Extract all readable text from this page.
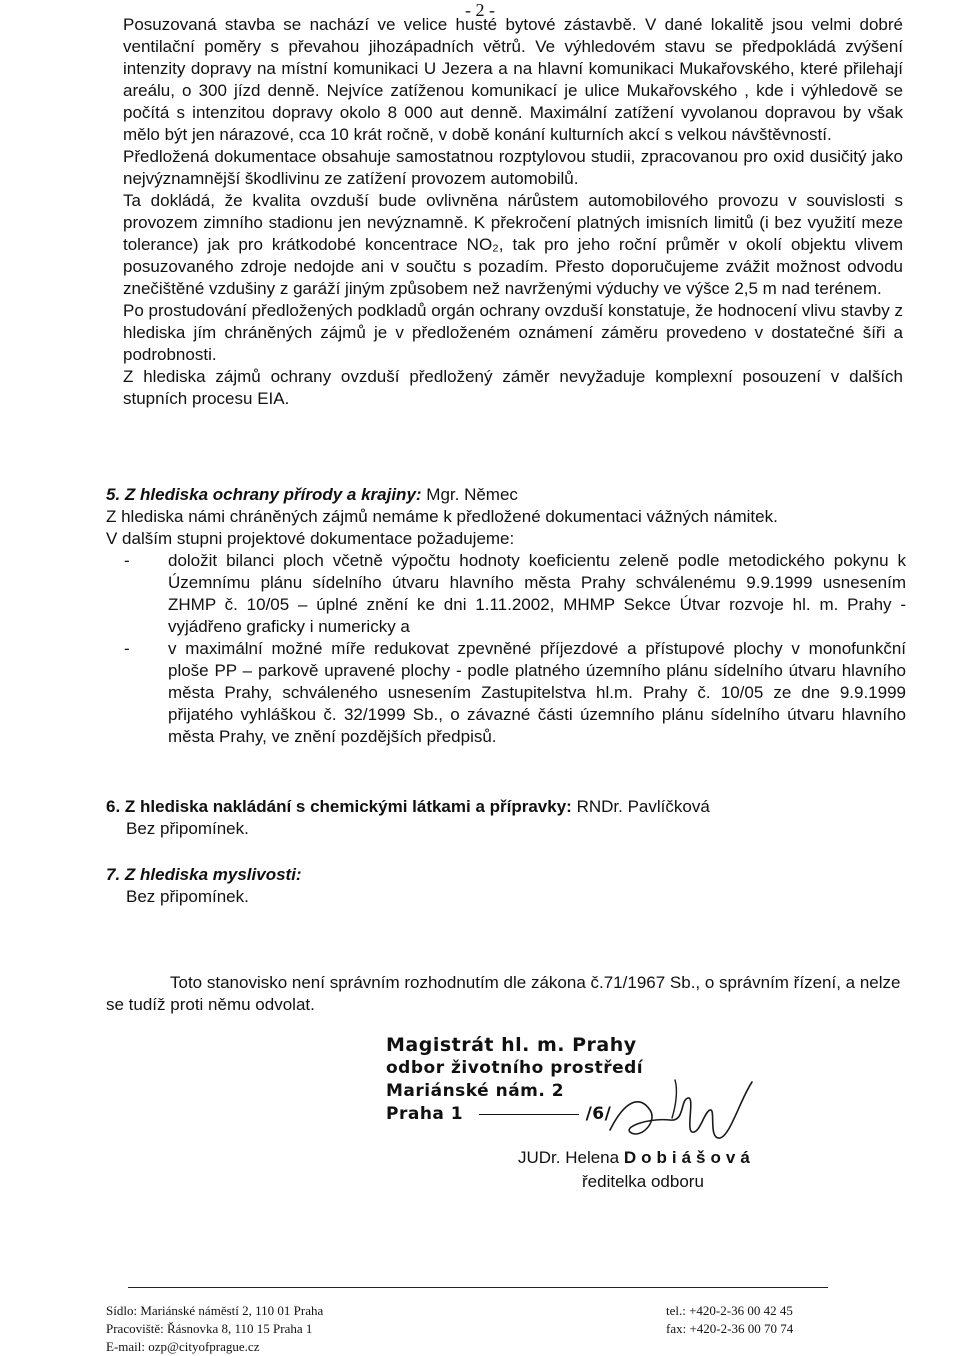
- 2 -

Posuzovaná stavba se nachází ve velice husté bytové zástavbě. V dané lokalitě jsou velmi dobré ventilační poměry s převahou jihozápadních větrů. Ve výhledovém stavu se předpokládá zvýšení intenzity dopravy na místní komunikaci U Jezera a na hlavní komunikaci Mukařovského, které přilehají areálu, o 300 jízd denně. Nejvíce zatíženou komunikací je ulice Mukařovského , kde i výhledově se počítá s intenzitou dopravy okolo 8 000 aut denně. Maximální zatížení vyvolanou dopravou by však mělo být jen nárazové, cca 10 krát ročně, v době konání kulturních akcí s velkou návštěvností.

Předložená dokumentace obsahuje samostatnou rozptylovou studii, zpracovanou pro oxid dusičitý jako nejvýznamnější škodlivinu ze zatížení provozem automobilů.

Ta dokládá, že kvalita ovzduší bude ovlivněna nárůstem automobilového provozu v souvislosti s provozem zimního stadionu jen nevýznamně. K překročení platných imisních limitů (i bez využití meze tolerance) jak pro krátkodobé koncentrace NO₂, tak pro jeho roční průměr v okolí objektu vlivem posuzovaného zdroje nedojde ani v součtu s pozadím. Přesto doporučujeme zvážit možnost odvodu znečištěné vzdušiny z garáží jiným způsobem než navrženými výduchy ve výšce 2,5 m nad terénem.

Po prostudování předložených podkladů orgán ochrany ovzduší konstatuje, že hodnocení vlivu stavby z hlediska jím chráněných zájmů je v předloženém oznámení záměru provedeno v dostatečné šíři a podrobnosti.

Z hlediska zájmů ochrany ovzduší předložený záměr nevyžaduje komplexní posouzení v dalších stupních procesu EIA.

5. Z hlediska ochrany přírody a krajiny: Mgr. Němec

Z hlediska námi chráněných zájmů nemáme k předložené dokumentaci vážných námitek.

V dalším stupni projektové dokumentace požadujeme:

- doložit bilanci ploch včetně výpočtu hodnoty koeficientu zeleně podle metodického pokynu k Územnímu plánu sídelního útvaru hlavního města Prahy schválenému 9.9.1999 usnesením ZHMP č. 10/05 – úplné znění ke dni 1.11.2002, MHMP Sekce Útvar rozvoje hl. m. Prahy - vyjádřeno graficky i numericky a
- v maximální možné míře redukovat zpevněné příjezdové a přístupové plochy v monofunkční ploše PP – parkově upravené plochy - podle platného územního plánu sídelního útvaru hlavního města Prahy, schváleného usnesením Zastupitelstva hl.m. Prahy č. 10/05 ze dne 9.9.1999 přijatého vyhláškou č. 32/1999 Sb., o závazné části územního plánu sídelního útvaru hlavního města Prahy, ve znění pozdějších předpisů.

6. Z hlediska nakládání s chemickými látkami a přípravky: RNDr. Pavlíčková

Bez připomínek.

7. Z hlediska myslivosti:

Bez připomínek.

Toto stanovisko není správním rozhodnutím dle zákona č.71/1967 Sb., o správním řízení, a nelze se tudíž proti němu odvolat.

Magistrát hl. m. Prahy
odbor životního prostředí
Mariánské nám. 2
Praha 1	/6/
JUDr. Helena Dobiášová
ředitelka odboru
Sídlo: Mariánské náměstí 2, 110 01 Praha
Pracoviště: Řásnovka 8, 110 15 Praha 1
E-mail: ozp@cityofprague.cz
tel.: +420-2-36 00 42 45
fax: +420-2-36 00 70 74
